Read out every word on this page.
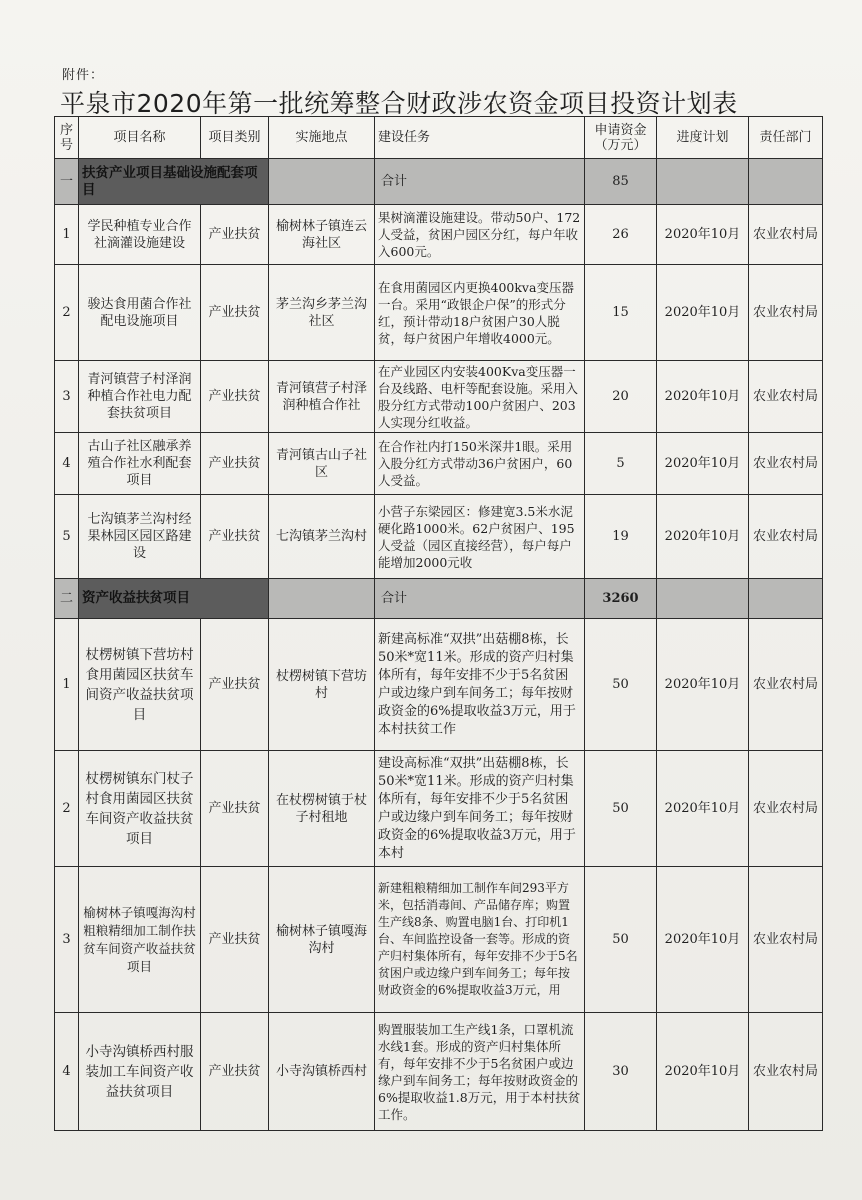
附件：
平泉市2020年第一批统筹整合财政涉农资金项目投资计划表
序号	项目名称	项目类别	实施地点	建设任务	申请资金（万元）	进度计划	责任部门
一	扶贫产业项目基础设施配套项目			合计	85		
1	学民种植专业合作社滴灌设施建设	产业扶贫	榆树林子镇连云海社区	果树滴灌设施建设。带动50户、172人受益，贫困户园区分红，每户年收入600元。	26	2020年10月	农业农村局
2	骏达食用菌合作社配电设施项目	产业扶贫	茅兰沟乡茅兰沟社区	在食用菌园区内更换400kva变压器一台。采用“政银企户保”的形式分红，预计带动18户贫困户30人脱贫，每户贫困户年增收4000元。	15	2020年10月	农业农村局
3	青河镇营子村泽润种植合作社电力配套扶贫项目	产业扶贫	青河镇营子村泽润种植合作社	在产业园区内安装400Kva变压器一台及线路、电杆等配套设施。采用入股分红方式带动100户贫困户、203人实现分红收益。	20	2020年10月	农业农村局
4	古山子社区融承养殖合作社水利配套项目	产业扶贫	青河镇古山子社区	在合作社内打150米深井1眼。采用入股分红方式带动36户贫困户，60人受益。	5	2020年10月	农业农村局
5	七沟镇茅兰沟村经果林园区园区路建设	产业扶贫	七沟镇茅兰沟村	小营子东梁园区：修建宽3.5米水泥硬化路1000米。62户贫困户、195人受益（园区直接经营），每户每户能增加2000元收	19	2020年10月	农业农村局
二	资产收益扶贫项目			合计	3260		
1	杖楞树镇下营坊村食用菌园区扶贫车间资产收益扶贫项目	产业扶贫	杖楞树镇下营坊村	新建高标准“双拱”出菇棚8栋，长50米*宽11米。形成的资产归村集体所有，每年安排不少于5名贫困户或边缘户到车间务工；每年按财政资金的6%提取收益3万元，用于本村扶贫工作	50	2020年10月	农业农村局
2	杖楞树镇东门杖子村食用菌园区扶贫车间资产收益扶贫项目	产业扶贫	在杖楞树镇于杖子村租地	建设高标准“双拱”出菇棚8栋，长50米*宽11米。形成的资产归村集体所有，每年安排不少于5名贫困户或边缘户到车间务工；每年按财政资金的6%提取收益3万元，用于本村	50	2020年10月	农业农村局
3	榆树林子镇嘎海沟村粗粮精细加工制作扶贫车间资产收益扶贫项目	产业扶贫	榆树林子镇嘎海沟村	新建粗粮精细加工制作车间293平方米，包括消毒间、产品储存库；购置生产线8条、购置电脑1台、打印机1台、车间监控设备一套等。形成的资产归村集体所有，每年安排不少于5名贫困户或边缘户到车间务工；每年按财政资金的6%提取收益3万元，用	50	2020年10月	农业农村局
4	小寺沟镇桥西村服装加工车间资产收益扶贫项目	产业扶贫	小寺沟镇桥西村	购置服装加工生产线1条，口罩机流水线1套。形成的资产归村集体所有，每年安排不少于5名贫困户或边缘户到车间务工；每年按财政资金的6%提取收益1.8万元，用于本村扶贫工作。	30	2020年10月	农业农村局
